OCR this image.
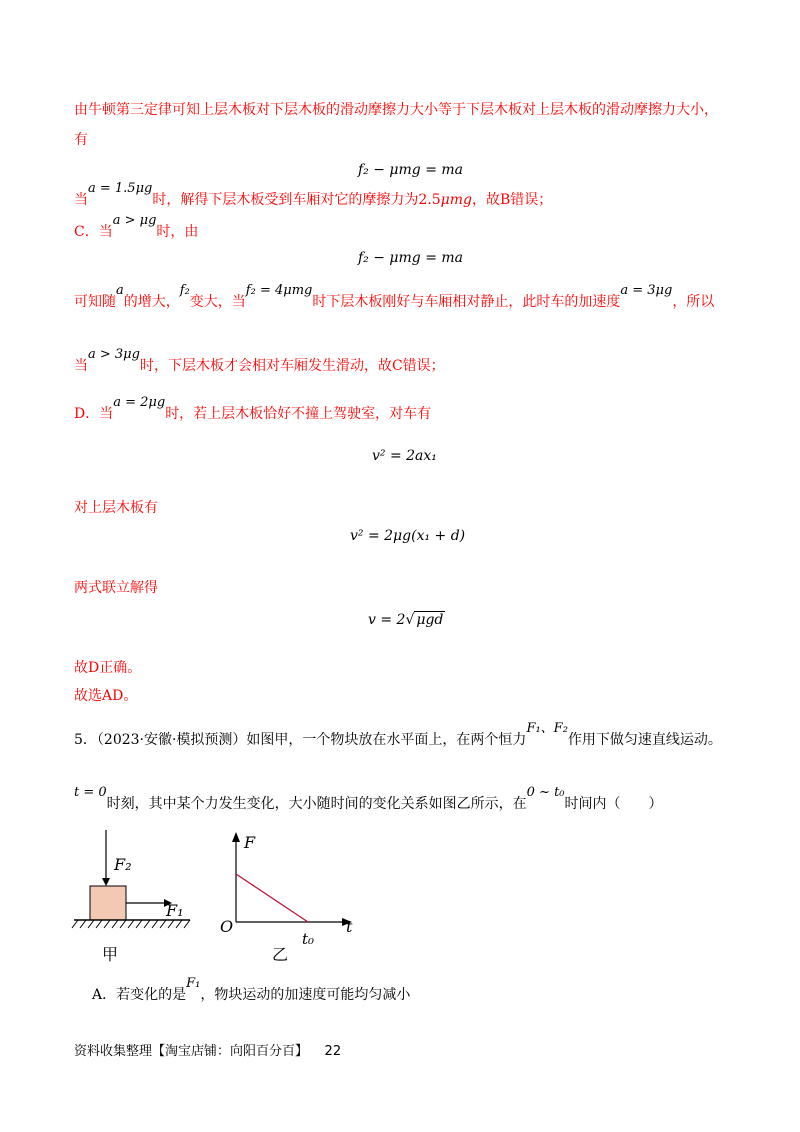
由牛顿第三定律可知上层木板对下层木板的滑动摩擦力大小等于下层木板对上层木板的滑动摩擦力大小，
有
f₂ − μmg = ma
当a = 1.5μg时，解得下层木板受到车厢对它的摩擦力为2.5μmg，故B错误；
C．当a > μg时，由
f₂ − μmg = ma
可知随a的增大，f₂变大，当f₂ = 4μmg时下层木板刚好与车厢相对静止，此时车的加速度a = 3μg，所以
当a > 3μg时，下层木板才会相对车厢发生滑动，故C错误；
D．当a = 2μg时，若上层木板恰好不撞上驾驶室，对车有
v² = 2ax₁
对上层木板有
v² = 2μg(x₁ + d)
两式联立解得
v = 2√ μgd
故D正确。
故选AD。
5．（2023·安徽·模拟预测）如图甲，一个物块放在水平面上，在两个恒力F₁、F₂作用下做匀速直线运动。
t = 0时刻，其中某个力发生变化，大小随时间的变化关系如图乙所示，在0 ~ t₀时间内（　　）
F₂
F₁
甲
F
t
O
t₀
乙
A．若变化的是F₁，物块运动的加速度可能均匀减小
资料收集整理【淘宝店铺：向阳百分百】 22
